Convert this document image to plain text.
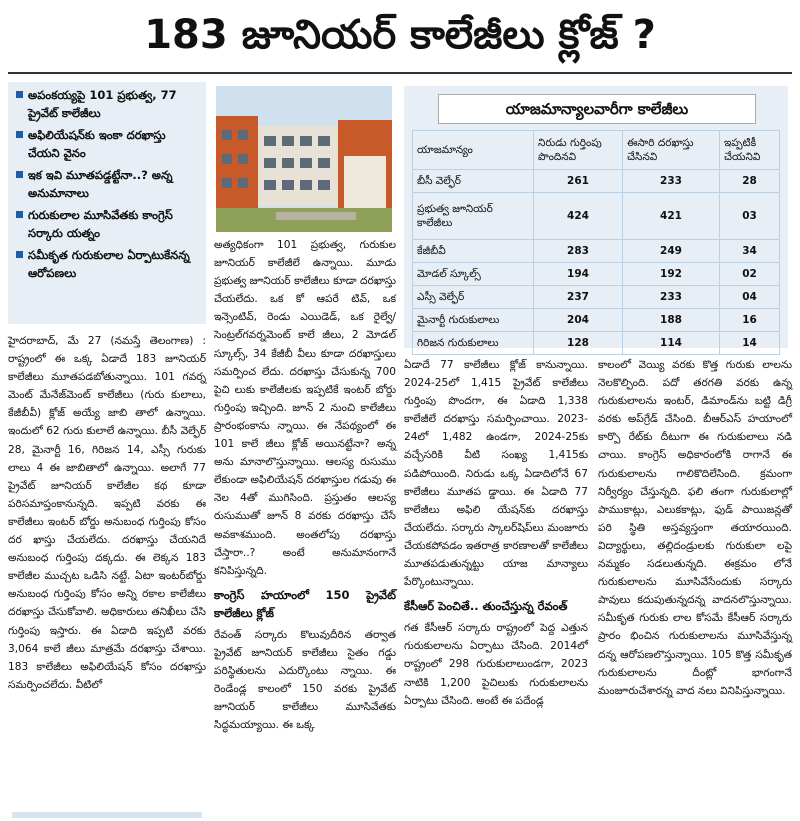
183 జూనియర్ కాలేజీలు క్లోజ్ ?
అపంకయ్యపై 101 ప్రభుత్వ, 77 ప్రైవేట్ కాలేజీలు
అఫిలియేషన్‌కు ఇంకా దరఖాస్తు చేయని వైనం
ఇక ఇవి మూతపడ్డట్టేనా..? అన్న అనుమానాలు
గురుకులాల మూసివేతకు కాంగ్రెస్ సర్కారు యత్నం
సమీకృత గురుకులాల ఏర్పాటుకేనన్న ఆరోపణలు

హైదరాబాద్, మే 27 (నమస్తే తెలంగాణ) : రాష్ట్రంలో ఈ ఒక్క ఏడాదే 183 జూనియర్ కాలేజీలు మూతపడబోతున్నాయి. 101 గవర్న మెంట్ మేనేజ్‌మెంట్ కాలేజీలు (గురు కులాలు, కేజీబీవీ) క్లోజ్ అయ్యే జాబి తాలో ఉన్నాయి. ఇందులో 62 గురు కులాలే ఉన్నాయి. బీసీ వెల్ఫేర్ 28, మైనార్టీ 16, గిరిజన 14, ఎస్సీ గురుకు లాలు 4 ఈ జాబితాలో ఉన్నాయి. అలాగే 77 ప్రైవేట్ జూనియర్ కాలేజీల కథ కూడా పరిసమాప్తంకానున్నది. ఇప్పటి వరకు ఈ కాలేజీలు ఇంటర్ బోర్డు అనుబంధ గుర్తింపు కోసం దర ఖాస్తు చేయలేదు. దరఖాస్తు చేయనిదే అనుబంధ గుర్తింపు దక్కదు. ఈ లెక్కన 183 కాలేజీల ముచ్చట ఒడిసి నట్టే. ఏటా ఇంటర్‌బోర్డు అనుబంధ గుర్తింపు కోసం అన్ని రకాల కాలేజీలు దరఖాస్తు చేసుకోవాలి. అధికారులు తనిఖీలు చేసి గుర్తింపు ఇస్తారు. ఈ ఏడాది ఇప్పటి వరకు 3,064 కాలే జీలు మాత్రమే దరఖాస్తు చేశాయి. 183 కాలేజీలు అఫిలియేషన్ కోసం దరఖాస్తు సమర్పించలేదు. వీటిలో

అత్యధికంగా 101 ప్రభుత్వ, గురుకుల జూనియర్ కాలేజీలే ఉన్నాయి. మూడు ప్రభుత్వ జూనియర్ కాలేజీలు కూడా దరఖాస్తు చేయలేదు. ఒక కో ఆపరే టివ్, ఒక ఇన్సెంటివ్, రెండు ఎయిడెడ్, ఒక రైల్వే/సెంట్రల్‌గవర్నమెంట్ కాలే జీలు, 2 మోడల్ స్కూల్స్, 34 కేజీబీ వీలు కూడా దరఖాస్తులు సమర్పించ లేదు. దరఖాస్తు చేసుకున్న 700 పైచి లుకు కాలేజీలకు ఇప్పటికే ఇంటర్ బోర్డు గుర్తింపు ఇచ్చింది. జూన్ 2 నుంచి కాలేజీలు ప్రారంభంకాను న్నాయి. ఈ నేపథ్యంలో ఈ 101 కాలే జీలు క్లోజ్ అయినట్టేనా? అన్న అను మానాలొస్తున్నాయి. ఆలస్య రుసుము లేకుండా అఫిలియేషన్ దరఖాస్తుల గడువు ఈ నెల 4తో ముగిసింది. ప్రస్తుతం ఆలస్య రుసుముతో జూన్ 8 వరకు దరఖాస్తు చేసే అవకాశముంది. అంతలోపు దరఖాస్తు చేస్తారా..? అంటే అనుమానంగానే కనిపిస్తున్నది.

కాంగ్రెస్ హయాంలో 150 ప్రైవేట్ కాలేజీలు క్లోజ్

రేవంత్ సర్కారు కొలువుదీరిన తర్వాత ప్రైవేట్ జూనియర్ కాలేజీలు సైతం గడ్డు పరిస్థితులను ఎదుర్కొంటు న్నాయి. ఈ రెండేండ్ల కాలంలో 150 వరకు ప్రైవేట్ జూనియర్ కాలేజీలు మూసివేతకు సిద్ధమయ్యాయి. ఈ ఒక్క

యాజమాన్యాలవారీగా కాలేజీలు
యాజమాన్యం	నిరుడు గుర్తింపు పొందినవి	ఈసారి దరఖాస్తు చేసినవి	ఇప్పటికీ చేయనివి
బీసీ వెల్ఫేర్	261	233	28
ప్రభుత్వ జూనియర్ కాలేజీలు	424	421	03
కేజీబీవీ	283	249	34
మోడల్ స్కూల్స్	194	192	02
ఎస్సీ వెల్ఫేర్	237	233	04
మైనార్టీ గురుకులాలు	204	188	16
గిరిజన గురుకులాలు	128	114	14

ఏడాదే 77 కాలేజీలు క్లోజ్ కానున్నాయి. 2024-25లో 1,415 ప్రైవేట్ కాలేజీలు గుర్తింపు పొందగా, ఈ ఏడాది 1,338 కాలేజీలే దరఖాస్తు సమర్పించాయి. 2023-24లో 1,482 ఉండగా, 2024-25కు వచ్చేసరికి వీటి సంఖ్య 1,415కు పడిపోయింది. నిరుడు ఒక్క ఏడాదిలోనే 67 కాలేజీలు మూతప డ్డాయి. ఈ ఏడాది 77 కాలేజీలు అఫిలి యేషన్‌కు దరఖాస్తు చేయలేదు. సర్కారు స్కాలర్‌షిప్‌లు మంజూరు చేయకపోవడం ఇతరాత్ర కారణాలతో కాలేజీలు మూతపడుతున్నట్టు యాజ మాన్యాలు పేర్కొంటున్నాయి.

కేసీఆర్ పెంచితే.. తుంచేస్తున్న రేవంత్

గత కేసీఆర్ సర్కారు రాష్ట్రంలో పెద్ద ఎత్తున గురుకులాలను ఏర్పాటు చేసింది. 2014లో రాష్ట్రంలో 298 గురుకులాలుండగా, 2023 నాటికి 1,200 పైచిలుకు గురుకులాలను ఏర్పాటు చేసింది. అంటే ఈ పదేండ్ల

కాలంలో వెయ్యి వరకు కొత్త గురుకు లాలను నెలకొల్పింది. పదో తరగతి వరకు ఉన్న గురుకులాలను ఇంటర్, డిమాండ్‌ను బట్టి డిగ్రీ వరకు అప్‌గ్రేడ్ చేసింది. బీఆర్‌ఎస్ హయాంలో కార్పొ రేట్‌కు దీటుగా ఈ గురుకులాలు నడి చాయి. కాంగ్రెస్ అధికారంలోకి రాగానే ఈ గురుకులాలను గాలికొదిలేసింది. క్రమంగా నిర్వీర్యం చేస్తున్నది. ఫలి తంగా గురుకులాల్లో పాముకాట్లు, ఎలుకకాట్లు, ఫుడ్ పాయిజన్లతో పరి స్థితి అస్తవ్యస్తంగా తయారయింది. విద్యార్థులు, తల్లిదండ్రులకు గురుకులా లపై నమ్మకం సడలుతున్నది. ఈక్రమం లోనే గురుకులాలను మూసివేసేందుకు సర్కారు పావులు కదుపుతున్నదన్న వాదనలొస్తున్నాయి. సమీకృత గురుకు లాల కోసమే కేసీఆర్ సర్కారు ప్రారం భించిన గురుకులాలను మూసివేస్తున్న దన్న ఆరోపణలొస్తున్నాయి. 105 కొత్త సమీకృత గురుకులాలను దీంట్లో భాగంగానే మంజూరుచేశారన్న వాద నలు వినిపిస్తున్నాయి.
